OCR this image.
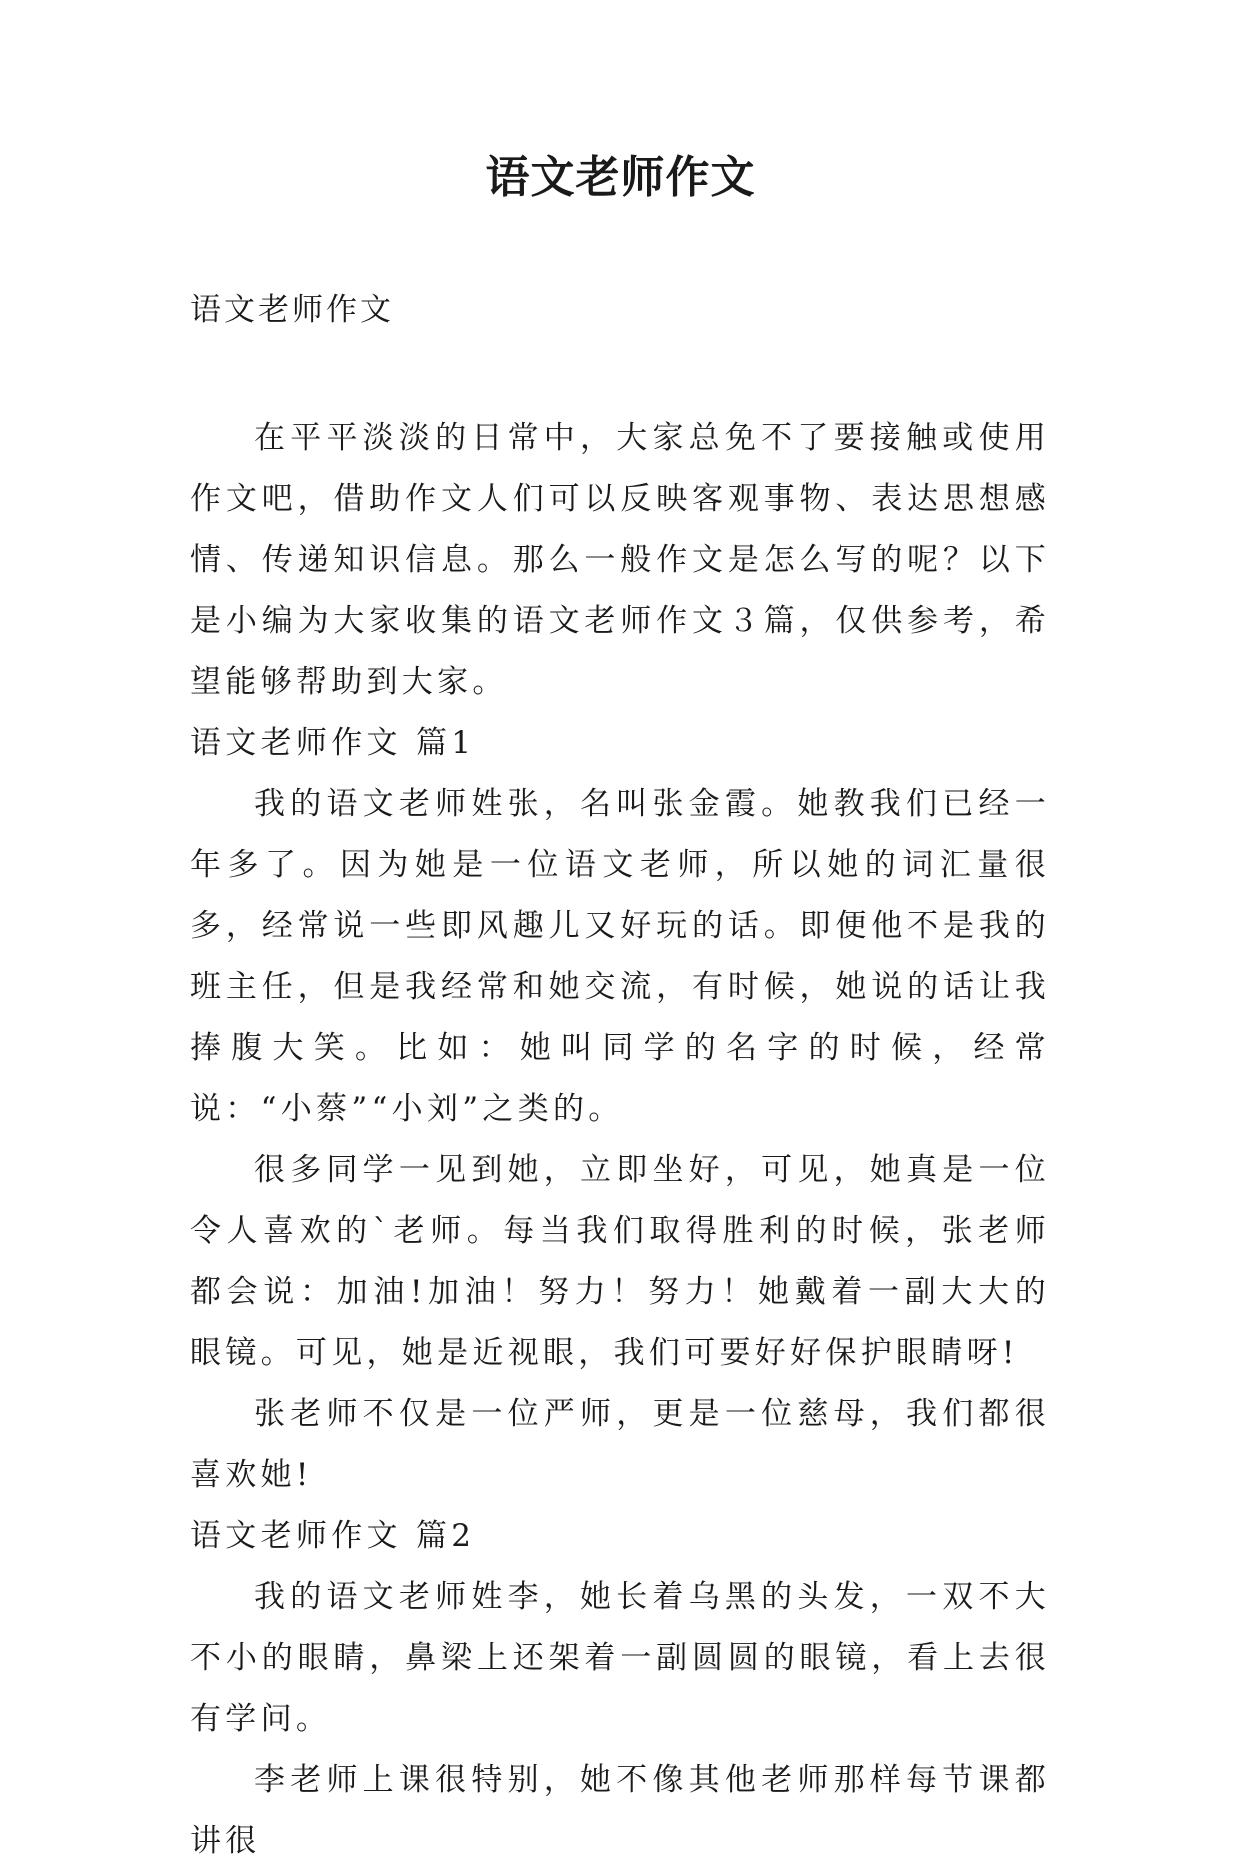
语文老师作文
语文老师作文

在平平淡淡的日常中，大家总免不了要接触或使用作文吧，借助作文人们可以反映客观事物、表达思想感情、传递知识信息。那么一般作文是怎么写的呢？以下是小编为大家收集的语文老师作文３篇，仅供参考，希望能够帮助到大家。

语文老师作文 篇1

我的语文老师姓张，名叫张金霞。她教我们已经一年多了。因为她是一位语文老师，所以她的词汇量很多，经常说一些即风趣儿又好玩的话。即便他不是我的班主任，但是我经常和她交流，有时候，她说的话让我捧腹大笑。比如：她叫同学的名字的时候，经常说：“小蔡”“小刘”之类的。

很多同学一见到她，立即坐好，可见，她真是一位令人喜欢的`老师。每当我们取得胜利的时候，张老师都会说：加油!加油！努力！努力！她戴着一副大大的眼镜。可见，她是近视眼，我们可要好好保护眼睛呀!

张老师不仅是一位严师，更是一位慈母，我们都很喜欢她!

语文老师作文 篇2

我的语文老师姓李，她长着乌黑的头发，一双不大不小的眼睛，鼻梁上还架着一副圆圆的眼镜，看上去很有学问。

李老师上课很特别，她不像其他老师那样每节课都讲很
